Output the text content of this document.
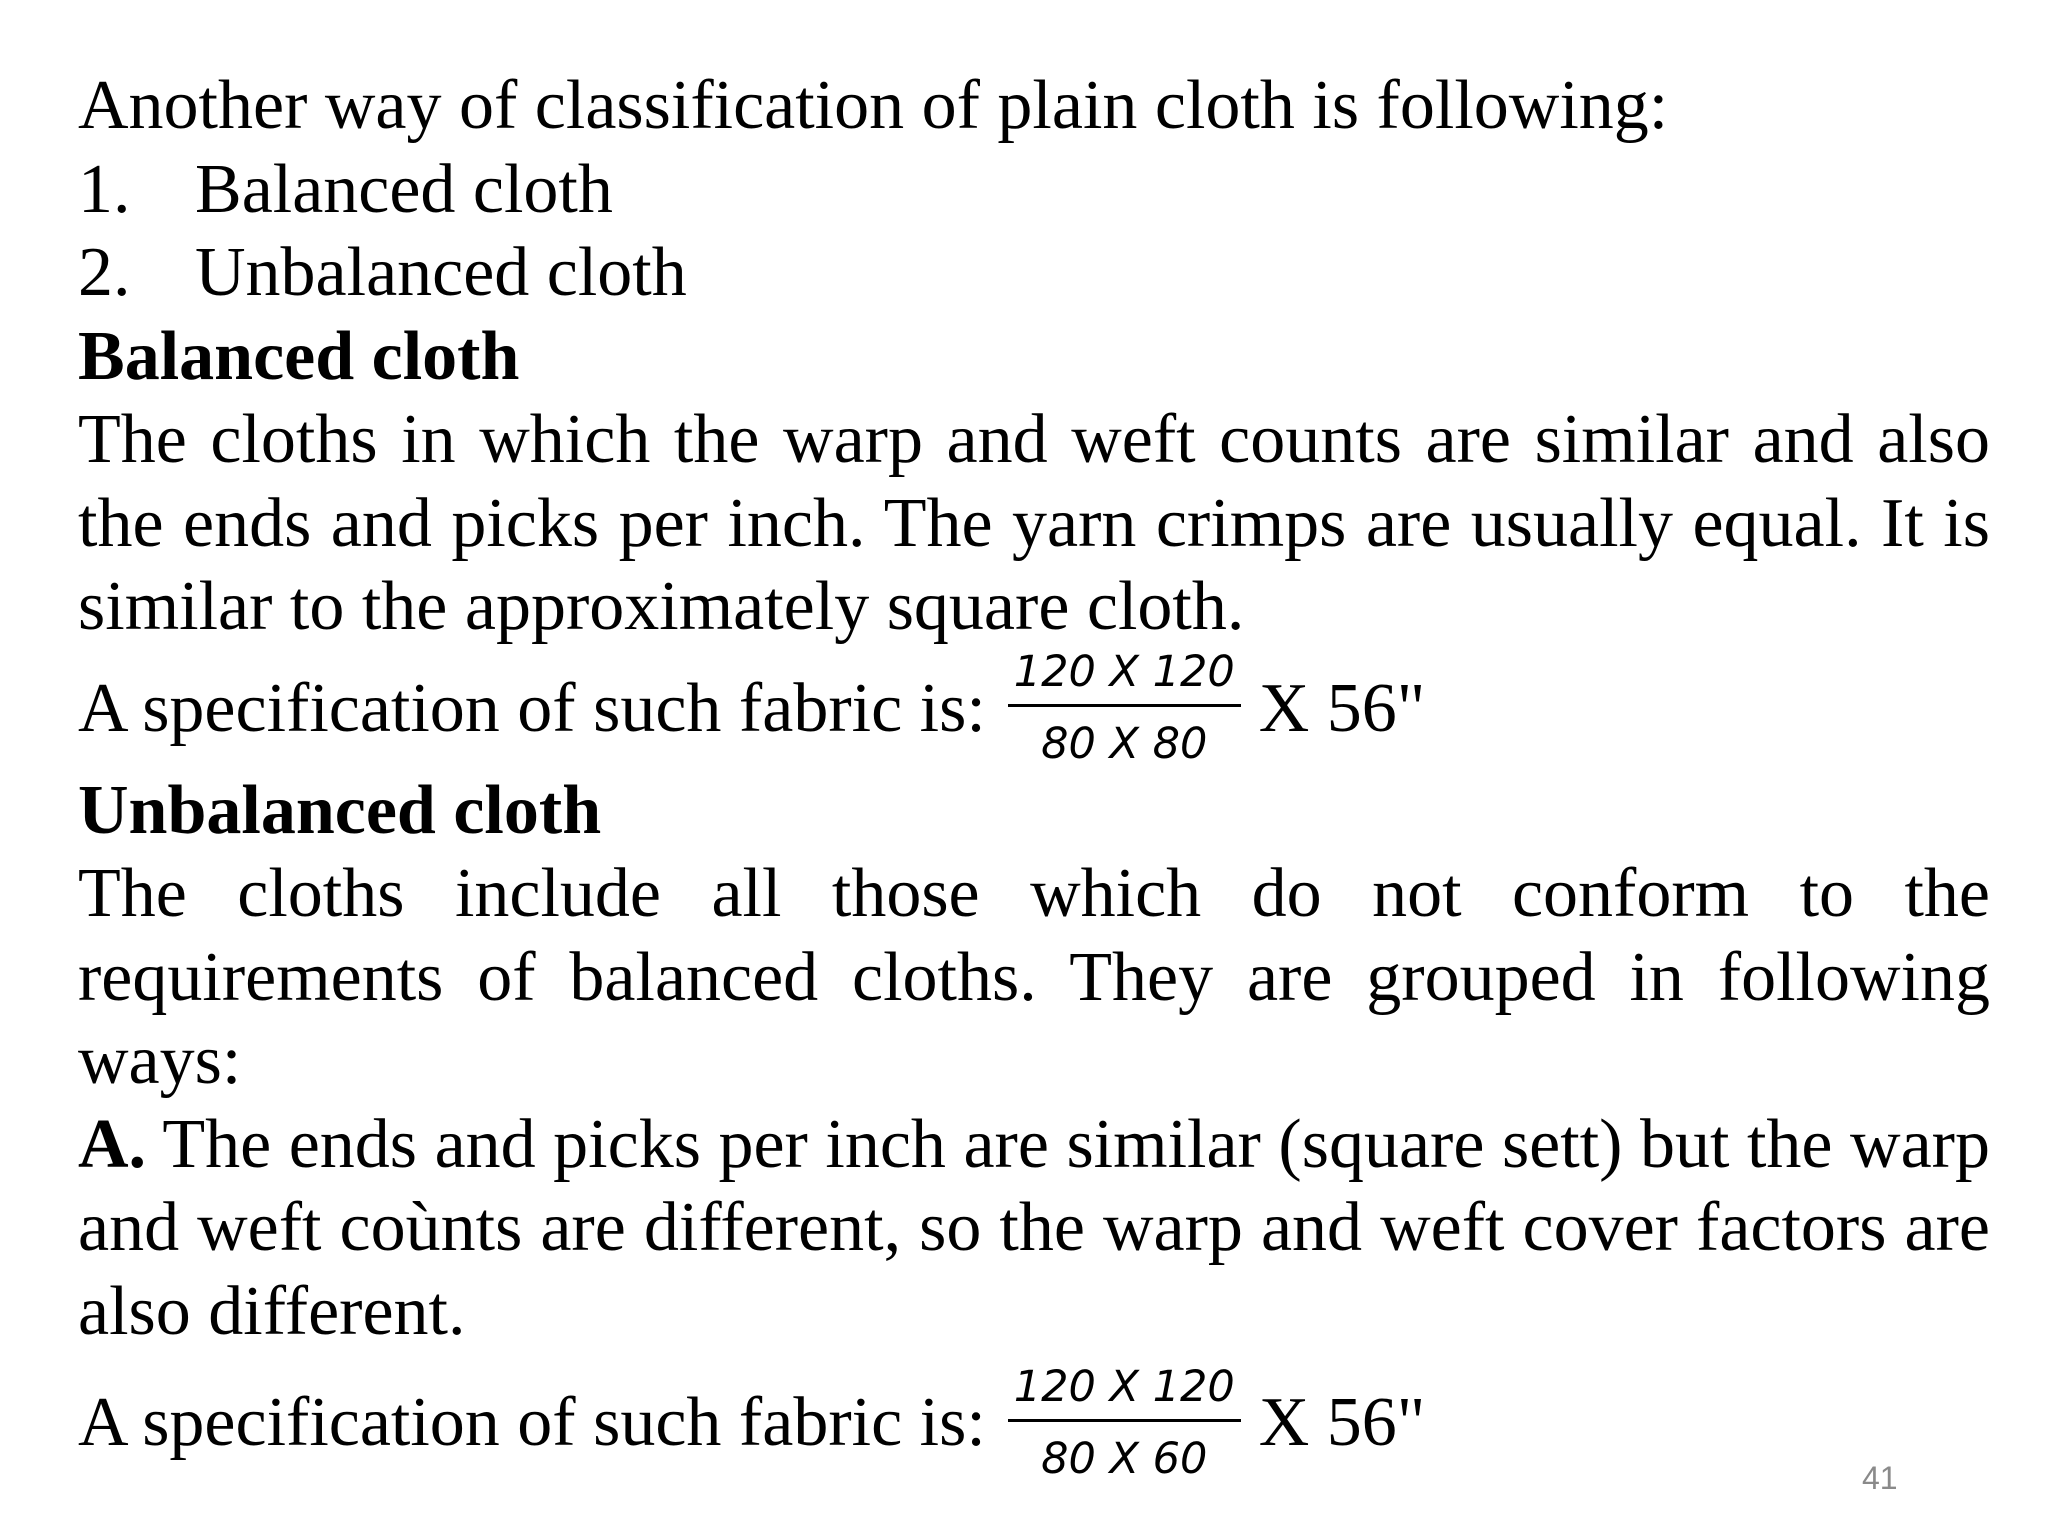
Another way of classification of plain cloth is following:
1. Balanced cloth
2. Unbalanced cloth
Balanced cloth
The cloths in which the warp and weft counts are similar and also the ends and picks per inch. The yarn crimps are usually equal. It is similar to the approximately square cloth.
A specification of such fabric is: $\frac{120 X 120}{80 X 80}$ X 56"
Unbalanced cloth
The cloths include all those which do not conform to the requirements of balanced cloths. They are grouped in following ways:
A. The ends and picks per inch are similar (square sett) but the warp and weft coùnts are different, so the warp and weft cover factors are also different.
A specification of such fabric is: $\frac{120 X 120}{80 X 60}$ X 56"
41
